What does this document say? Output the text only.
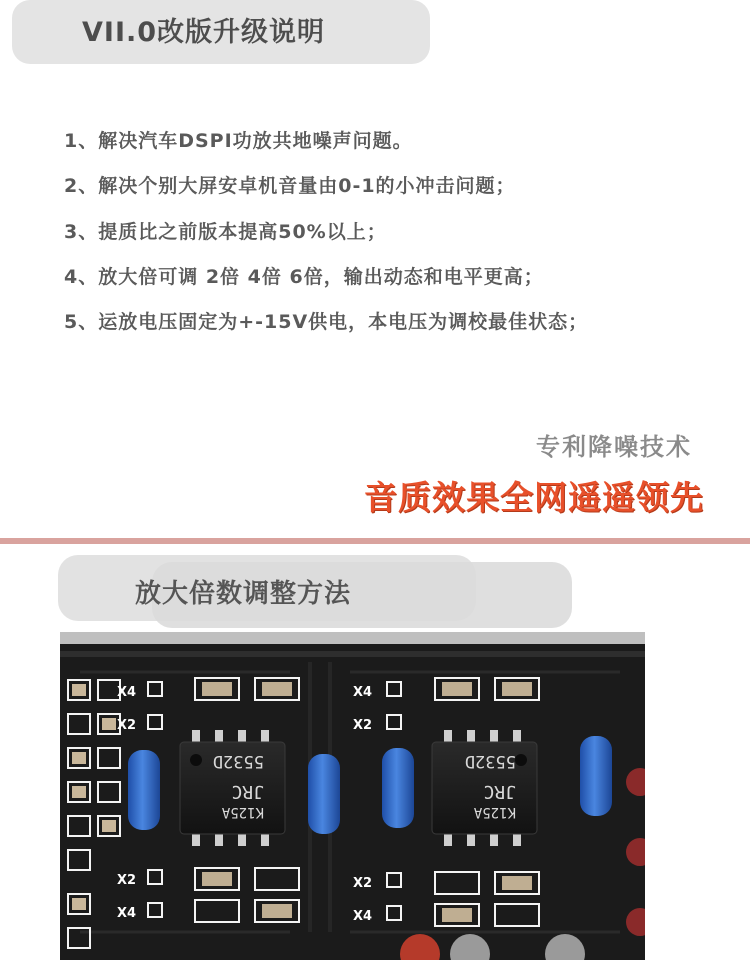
VII.0改版升级说明
1、解决汽车DSPI功放共地噪声问题。
2、解决个别大屏安卓机音量由0-1的小冲击问题；
3、提质比之前版本提高50%以上；
4、放大倍可调 2倍 4倍 6倍，输出动态和电平更高；
5、运放电压固定为+-15V供电，本电压为调校最佳状态；
专利降噪技术
音质效果全网遥遥领先
放大倍数调整方法
X4
X2
X2
X4
X4
X2
X2
X4
K125A
JRC
5532D
K125A
JRC
5532D
